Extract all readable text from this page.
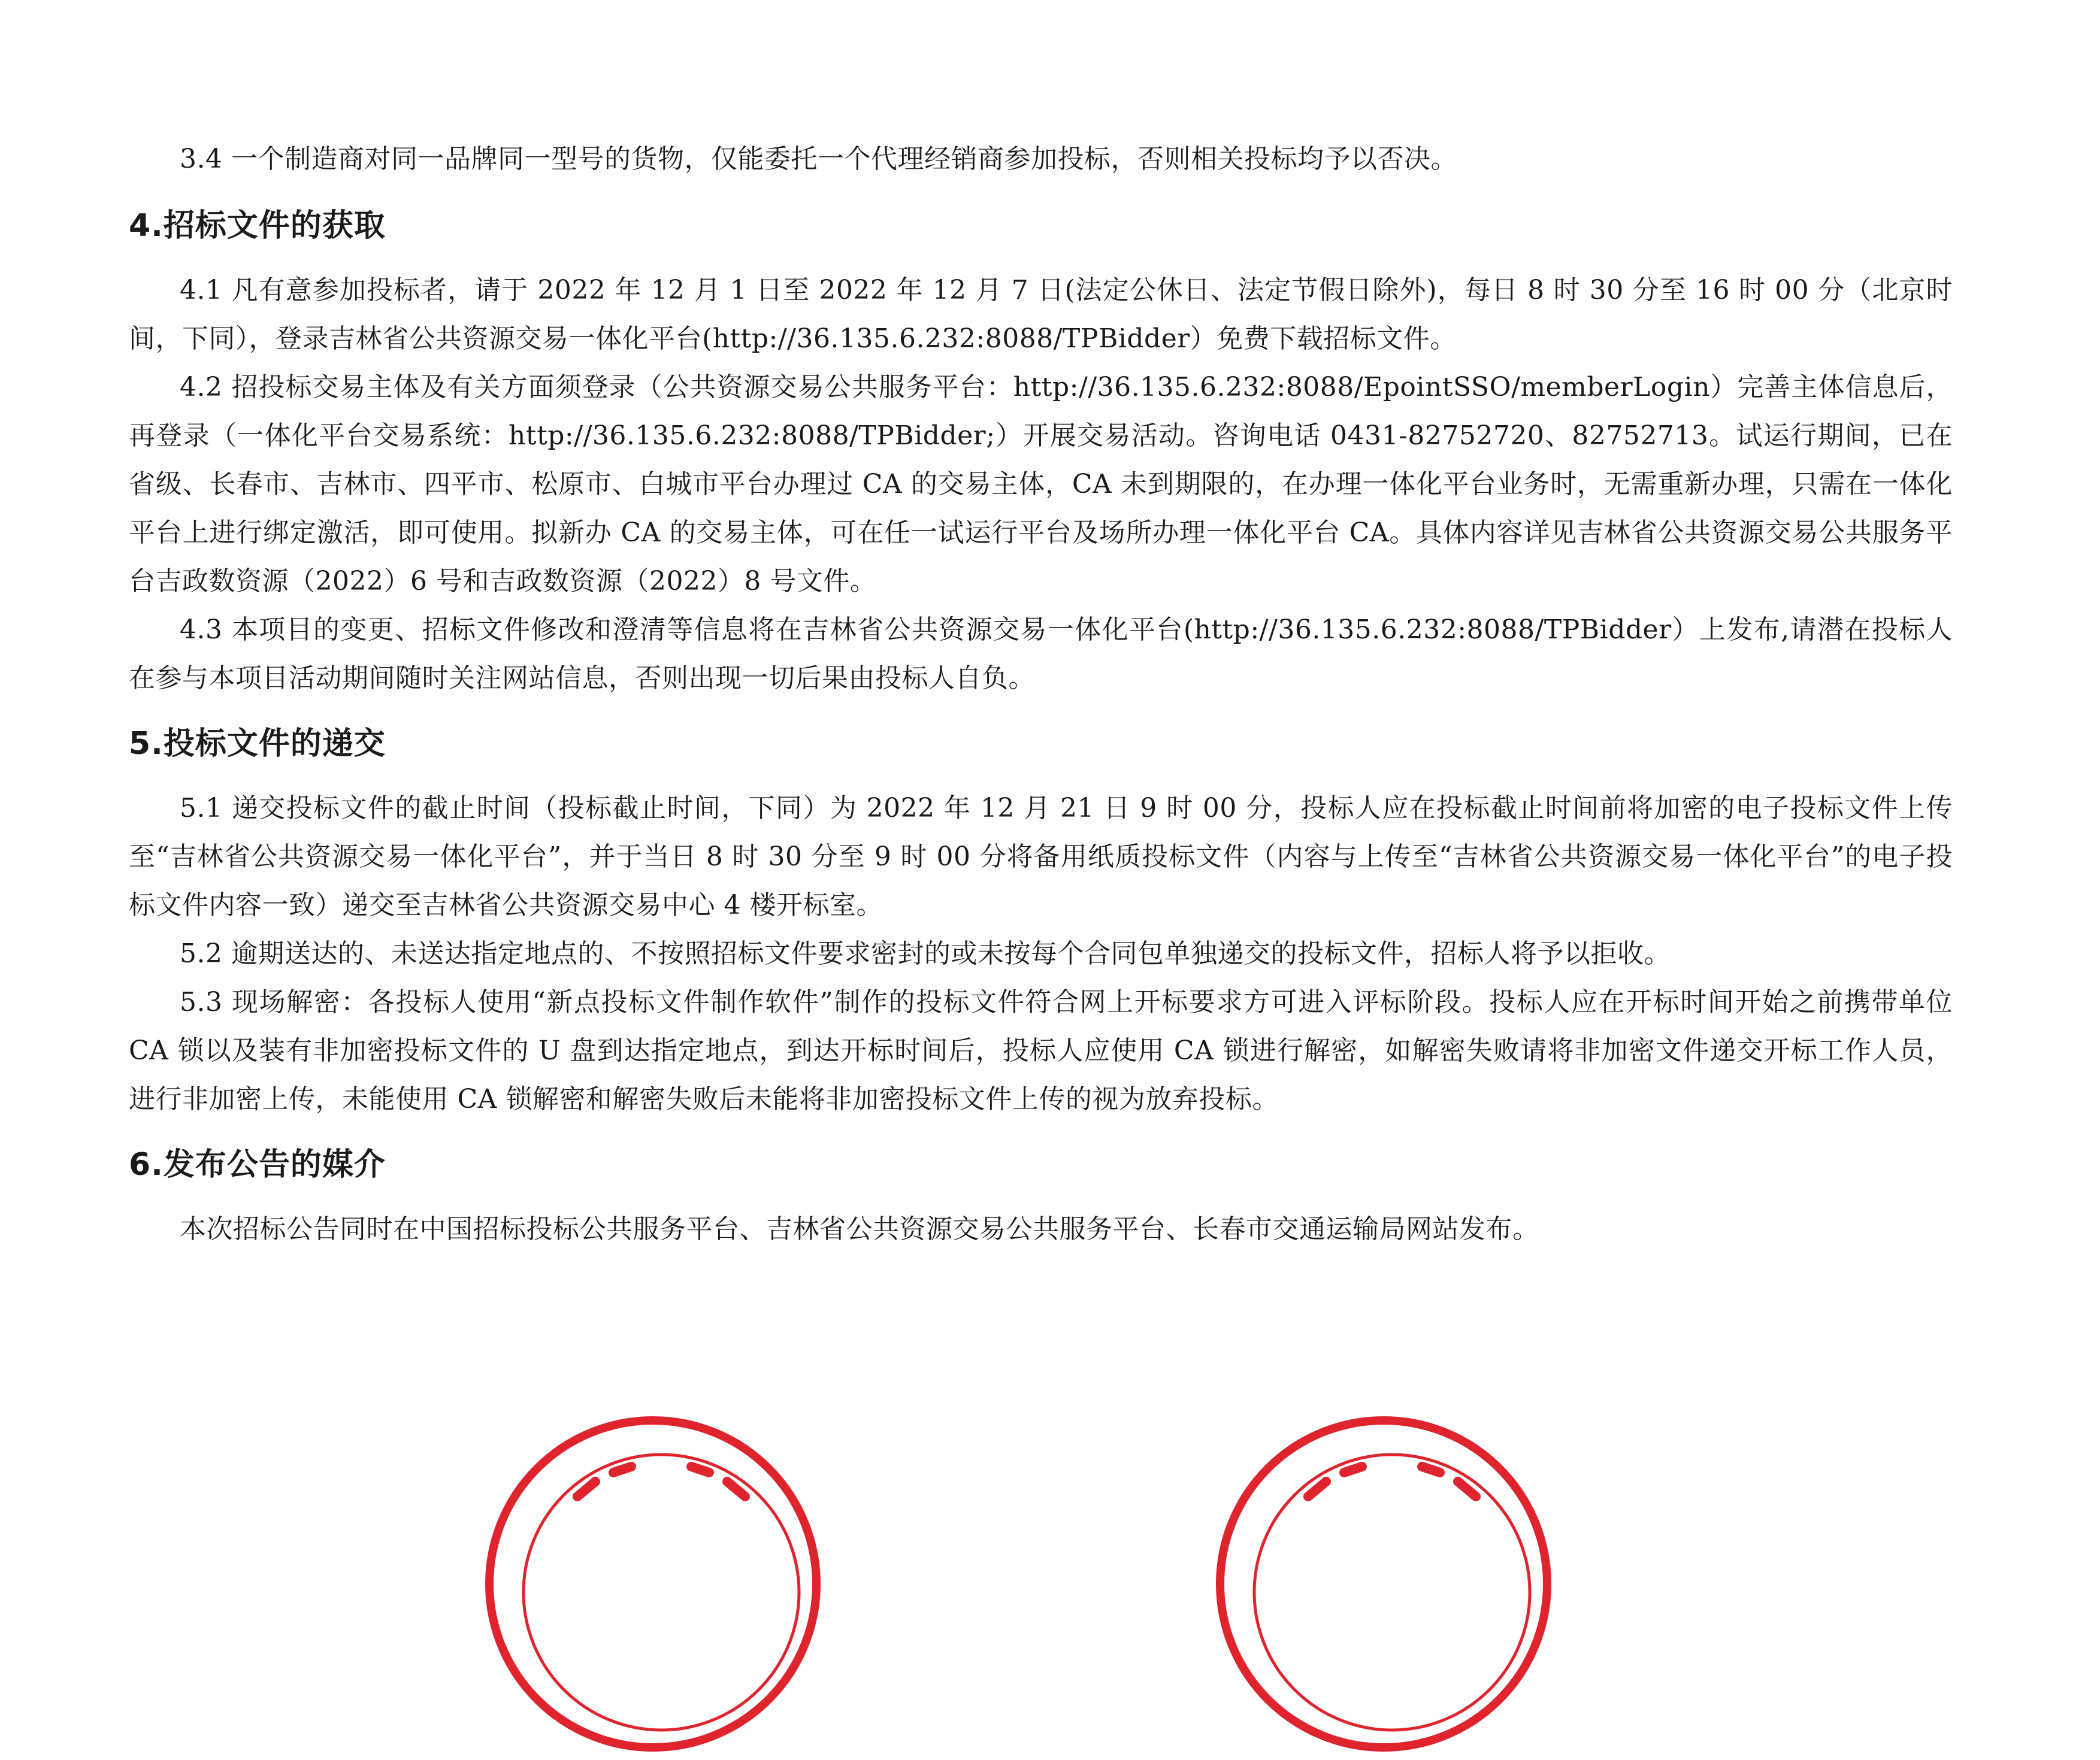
3.4 一个制造商对同一品牌同一型号的货物，仅能委托一个代理经销商参加投标，否则相关投标均予以否决。

4.招标文件的获取

4.1 凡有意参加投标者，请于 2022 年 12 月 1 日至 2022 年 12 月 7 日(法定公休日、法定节假日除外)，每日 8 时 30 分至 16 时 00 分（北京时间，下同），登录吉林省公共资源交易一体化平台(http://36.135.6.232:8088/TPBidder）免费下载招标文件。

4.2 招投标交易主体及有关方面须登录（公共资源交易公共服务平台：http://36.135.6.232:8088/EpointSSO/memberLogin）完善主体信息后，再登录（一体化平台交易系统：http://36.135.6.232:8088/TPBidder;）开展交易活动。咨询电话 0431-82752720、82752713。试运行期间，已在省级、长春市、吉林市、四平市、松原市、白城市平台办理过 CA 的交易主体，CA 未到期限的，在办理一体化平台业务时，无需重新办理，只需在一体化平台上进行绑定激活，即可使用。拟新办 CA 的交易主体，可在任一试运行平台及场所办理一体化平台 CA。具体内容详见吉林省公共资源交易公共服务平台吉政数资源（2022）6 号和吉政数资源（2022）8 号文件。

4.3 本项目的变更、招标文件修改和澄清等信息将在吉林省公共资源交易一体化平台(http://36.135.6.232:8088/TPBidder）上发布,请潜在投标人在参与本项目活动期间随时关注网站信息，否则出现一切后果由投标人自负。

5.投标文件的递交

5.1 递交投标文件的截止时间（投标截止时间，下同）为 2022 年 12 月 21 日 9 时 00 分，投标人应在投标截止时间前将加密的电子投标文件上传至“吉林省公共资源交易一体化平台”，并于当日 8 时 30 分至 9 时 00 分将备用纸质投标文件（内容与上传至“吉林省公共资源交易一体化平台”的电子投标文件内容一致）递交至吉林省公共资源交易中心 4 楼开标室。

5.2 逾期送达的、未送达指定地点的、不按照招标文件要求密封的或未按每个合同包单独递交的投标文件，招标人将予以拒收。

5.3 现场解密：各投标人使用“新点投标文件制作软件”制作的投标文件符合网上开标要求方可进入评标阶段。投标人应在开标时间开始之前携带单位 CA 锁以及装有非加密投标文件的 U 盘到达指定地点，到达开标时间后，投标人应使用 CA 锁进行解密，如解密失败请将非加密文件递交开标工作人员，进行非加密上传，未能使用 CA 锁解密和解密失败后未能将非加密投标文件上传的视为放弃投标。

6.发布公告的媒介

本次招标公告同时在中国招标投标公共服务平台、吉林省公共资源交易公共服务平台、长春市交通运输局网站发布。
